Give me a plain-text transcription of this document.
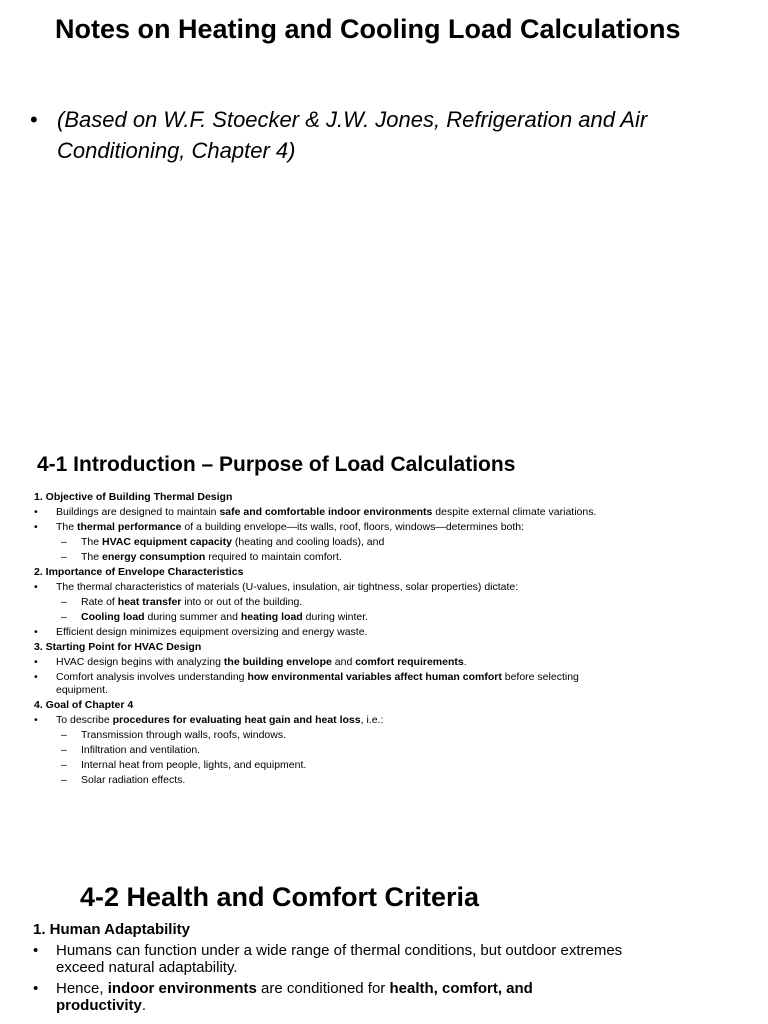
Notes on Heating and Cooling Load Calculations
• (Based on W.F. Stoecker & J.W. Jones, Refrigeration and Air Conditioning, Chapter 4)
4-1 Introduction – Purpose of Load Calculations
1. Objective of Building Thermal Design
• Buildings are designed to maintain safe and comfortable indoor environments despite external climate variations.
• The thermal performance of a building envelope—its walls, roof, floors, windows—determines both:
– The HVAC equipment capacity (heating and cooling loads), and
– The energy consumption required to maintain comfort.
2. Importance of Envelope Characteristics
• The thermal characteristics of materials (U-values, insulation, air tightness, solar properties) dictate:
– Rate of heat transfer into or out of the building.
– Cooling load during summer and heating load during winter.
• Efficient design minimizes equipment oversizing and energy waste.
3. Starting Point for HVAC Design
• HVAC design begins with analyzing the building envelope and comfort requirements.
• Comfort analysis involves understanding how environmental variables affect human comfort before selecting equipment.
4. Goal of Chapter 4
• To describe procedures for evaluating heat gain and heat loss, i.e.:
– Transmission through walls, roofs, windows.
– Infiltration and ventilation.
– Internal heat from people, lights, and equipment.
– Solar radiation effects.
4-2 Health and Comfort Criteria
1. Human Adaptability
• Humans can function under a wide range of thermal conditions, but outdoor extremes exceed natural adaptability.
• Hence, indoor environments are conditioned for health, comfort, and productivity.
